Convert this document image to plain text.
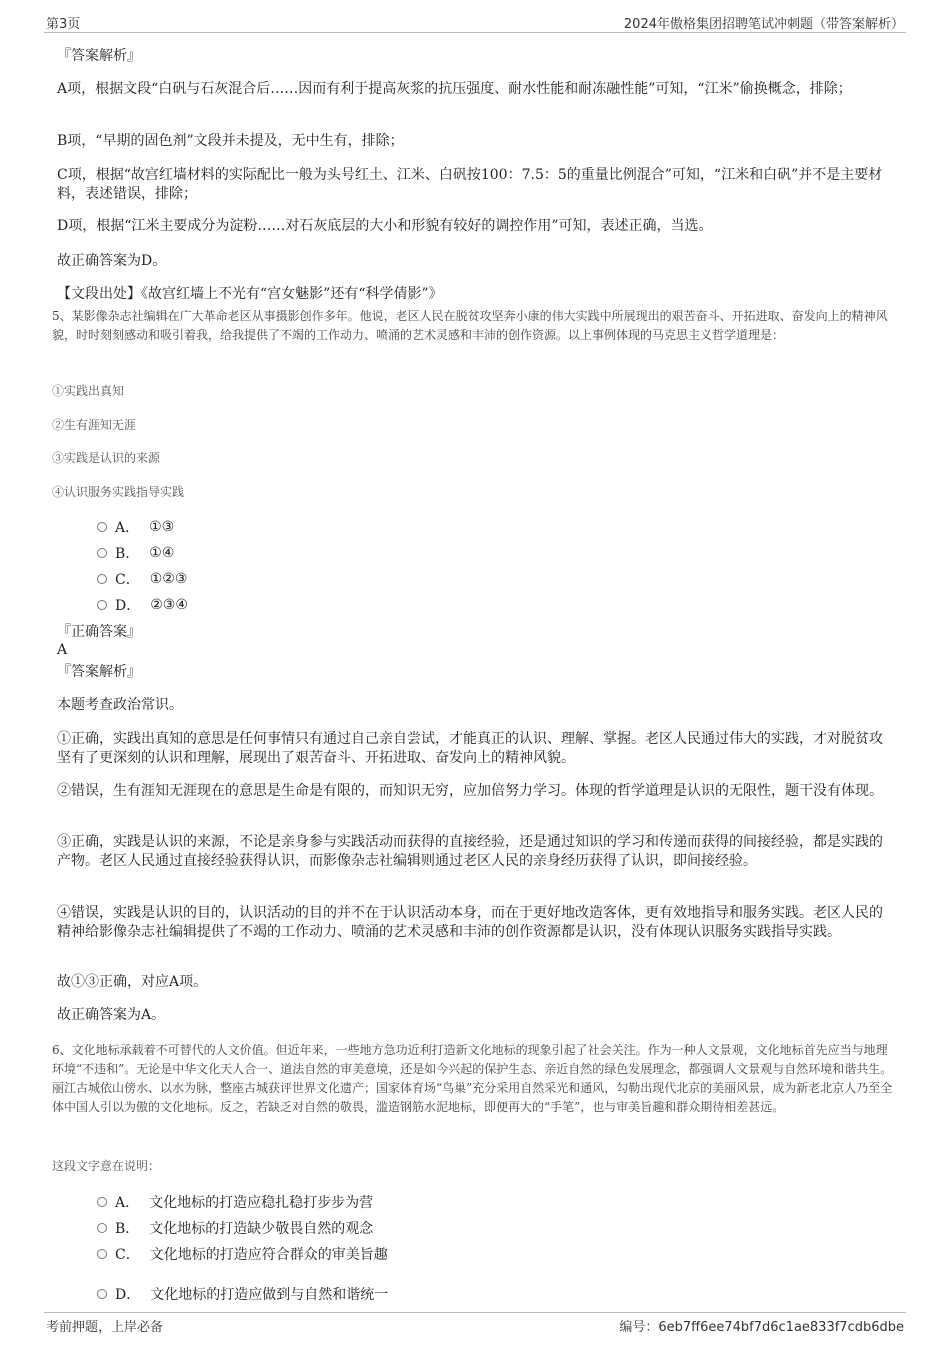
第3页	2024年傲格集团招聘笔试冲刺题（带答案解析）
『答案解析』
A项，根据文段“白矾与石灰混合后……因而有利于提高灰浆的抗压强度、耐水性能和耐冻融性能”可知，“江米”偷换概念，排除；
B项，“早期的固色剂”文段并未提及，无中生有，排除；
C项，根据“故宫红墙材料的实际配比一般为头号红土、江米、白矾按100：7.5：5的重量比例混合”可知，“江米和白矾”并不是主要材料，表述错误，排除；
D项，根据“江米主要成分为淀粉……对石灰底层的大小和形貌有较好的调控作用”可知，表述正确，当选。
故正确答案为D。
【文段出处】《故宫红墙上不光有“宫女魅影”还有“科学倩影”》
5、某影像杂志社编辑在广大革命老区从事摄影创作多年。他说，老区人民在脱贫攻坚奔小康的伟大实践中所展现出的艰苦奋斗、开拓进取、奋发向上的精神风貌，时时刻刻感动和吸引着我，给我提供了不竭的工作动力、喷涌的艺术灵感和丰沛的创作资源。以上事例体现的马克思主义哲学道理是：
①实践出真知
②生有涯知无涯
③实践是认识的来源
④认识服务实践指导实践
A． ①③
B． ①④
C． ①②③
D． ②③④
『正确答案』
A
『答案解析』
本题考查政治常识。
①正确，实践出真知的意思是任何事情只有通过自己亲自尝试，才能真正的认识、理解、掌握。老区人民通过伟大的实践，才对脱贫攻坚有了更深刻的认识和理解，展现出了艰苦奋斗、开拓进取、奋发向上的精神风貌。
②错误，生有涯知无涯现在的意思是生命是有限的，而知识无穷，应加倍努力学习。体现的哲学道理是认识的无限性，题干没有体现。
③正确，实践是认识的来源，不论是亲身参与实践活动而获得的直接经验，还是通过知识的学习和传递而获得的间接经验，都是实践的产物。老区人民通过直接经验获得认识，而影像杂志社编辑则通过老区人民的亲身经历获得了认识，即间接经验。
④错误，实践是认识的目的，认识活动的目的并不在于认识活动本身，而在于更好地改造客体，更有效地指导和服务实践。老区人民的精神给影像杂志社编辑提供了不竭的工作动力、喷涌的艺术灵感和丰沛的创作资源都是认识，没有体现认识服务实践指导实践。
故①③正确，对应A项。
故正确答案为A。
6、文化地标承载着不可替代的人文价值。但近年来，一些地方急功近利打造新文化地标的现象引起了社会关注。作为一种人文景观，文化地标首先应当与地理环境“不违和”。无论是中华文化天人合一、道法自然的审美意境，还是如今兴起的保护生态、亲近自然的绿色发展理念，都强调人文景观与自然环境和谐共生。丽江古城依山傍水、以水为脉，整座古城获评世界文化遗产；国家体育场“鸟巢”充分采用自然采光和通风，勾勒出现代北京的美丽风景，成为新老北京人乃至全体中国人引以为傲的文化地标。反之，若缺乏对自然的敬畏，滥造钢筋水泥地标，即便再大的“手笔”，也与审美旨趣和群众期待相差甚远。
这段文字意在说明：
A． 文化地标的打造应稳扎稳打步步为营
B． 文化地标的打造缺少敬畏自然的观念
C． 文化地标的打造应符合群众的审美旨趣
D． 文化地标的打造应做到与自然和谐统一
考前押题，上岸必备	编号：6eb7ff6ee74bf7d6c1ae833f7cdb6dbe
